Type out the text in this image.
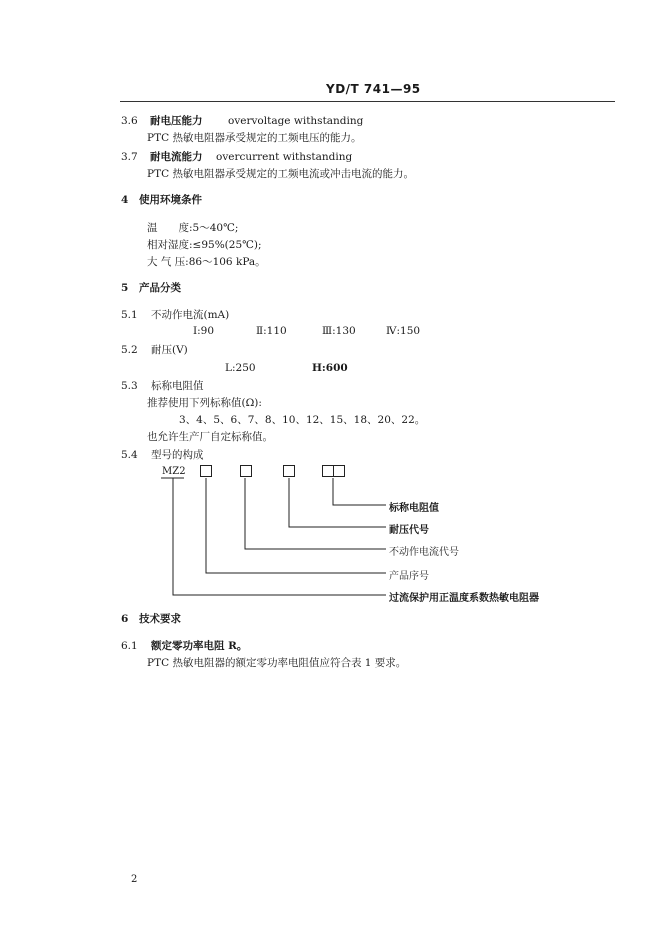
YD/T 741—95
3.6 耐电压能力 overvoltage withstanding
PTC 热敏电阻器承受规定的工频电压的能力。
3.7 耐电流能力 overcurrent withstanding
PTC 热敏电阻器承受规定的工频电流或冲击电流的能力。
4 使用环境条件
温　　度:5～40℃;
相对湿度:≤95%(25℃);
大 气 压:86～106 kPa。
5 产品分类
5.1 不动作电流(mA)
Ⅰ:90	Ⅱ:110	Ⅲ:130	Ⅳ:150
5.2 耐压(V)
L:250	H:600
5.3 标称电阻值
推荐使用下列标称值(Ω):
3、4、5、6、7、8、10、12、15、18、20、22。
也允许生产厂自定标称值。
5.4 型号的构成
MZ2
标称电阻值
耐压代号
不动作电流代号
产品序号
过流保护用正温度系数热敏电阻器
6 技术要求
6.1 额定零功率电阻 R。
PTC 热敏电阻器的额定零功率电阻值应符合表 1 要求。
2
